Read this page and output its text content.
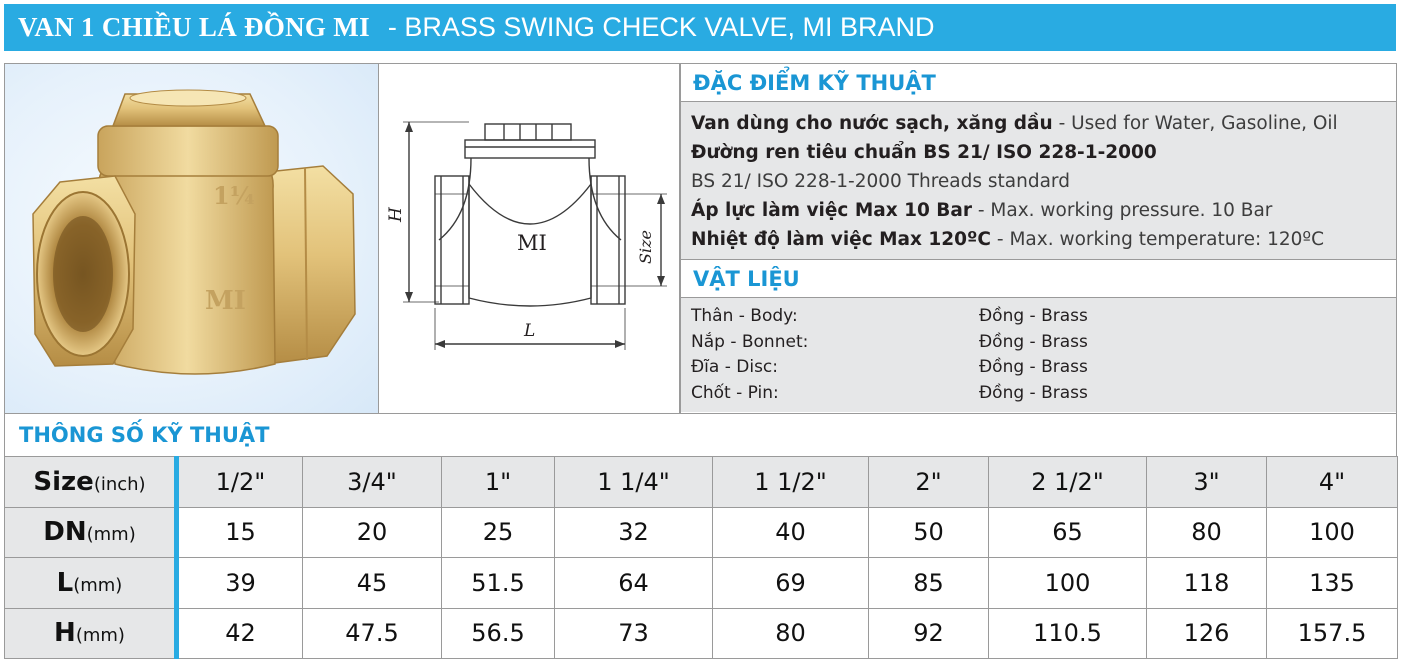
VAN 1 CHIỀU LÁ ĐỒNG MI - BRASS SWING CHECK VALVE, MI BRAND
1¼
MI
MI
H
Size
L
ĐẶC ĐIỂM KỸ THUẬT
Van dùng cho nước sạch, xăng dầu - Used for Water, Gasoline, Oil
Đường ren tiêu chuẩn BS 21/ ISO 228-1-2000
BS 21/ ISO 228-1-2000 Threads standard
Áp lực làm việc Max 10 Bar - Max. working pressure. 10 Bar
Nhiệt độ làm việc Max 120ºC - Max. working temperature: 120ºC
VẬT LIỆU
Thân - Body:	Đồng - Brass
Nắp - Bonnet:	Đồng - Brass
Đĩa - Disc:	Đồng - Brass
Chốt - Pin:	Đồng - Brass
THÔNG SỐ KỸ THUẬT
Size(inch)	1/2"	3/4"	1"	1 1/4"	1 1/2"	2"	2 1/2"	3"	4"
DN(mm)	15	20	25	32	40	50	65	80	100
L(mm)	39	45	51.5	64	69	85	100	118	135
H(mm)	42	47.5	56.5	73	80	92	110.5	126	157.5
